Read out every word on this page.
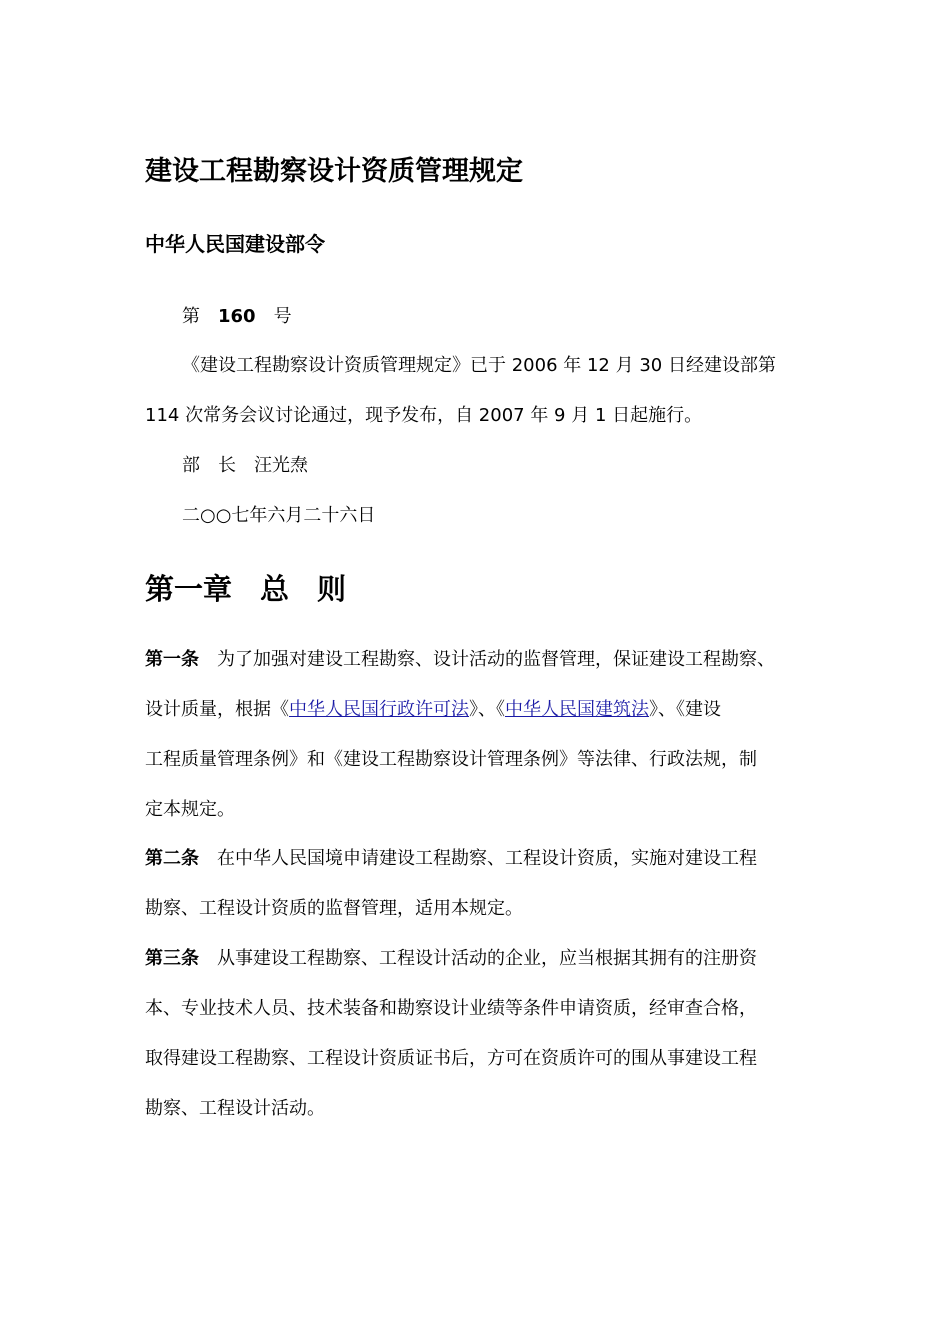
建设工程勘察设计资质管理规定
中华人民国建设部令

第 160 号

《建设工程勘察设计资质管理规定》已于 2006 年 12 月 30 日经建设部第

114 次常务会议讨论通过，现予发布，自 2007 年 9 月 1 日起施行。

部 长 汪光焘

二○○七年六月二十六日

第一章 总 则

第一条 为了加强对建设工程勘察、设计活动的监督管理，保证建设工程勘察、

设计质量，根据《中华人民国行政许可法》、《中华人民国建筑法》、《建设

工程质量管理条例》和《建设工程勘察设计管理条例》等法律、行政法规，制

定本规定。

第二条 在中华人民国境申请建设工程勘察、工程设计资质，实施对建设工程

勘察、工程设计资质的监督管理，适用本规定。

第三条 从事建设工程勘察、工程设计活动的企业，应当根据其拥有的注册资

本、专业技术人员、技术装备和勘察设计业绩等条件申请资质，经审查合格，

取得建设工程勘察、工程设计资质证书后，方可在资质许可的围从事建设工程

勘察、工程设计活动。
